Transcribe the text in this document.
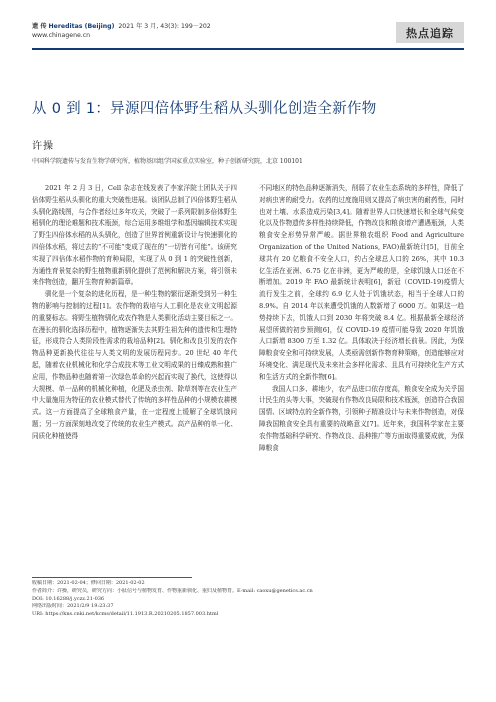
遗 传 Hereditas (Beijing) 2021 年 3 月, 43(3): 199－202
www.chinagene.cn	热点追踪
从 0 到 1：异源四倍体野生稻从头驯化创造全新作物
许操
中国科学院遗传与发育生物学研究所，植物基因组学国家重点实验室，种子创新研究院，北京 100101

2021 年 2 月 3 日，Cell 杂志在线发表了李家洋院士团队关于四倍体野生稻从头驯化的重大突破性进展。该团队总制了四倍体野生稻从头驯化路线图，与合作者经过多年攻关，突破了一系列限制多倍体野生稻驯化的理论难题和技术瓶颈，综合运用多维组学和基因编辑技术实现了野生四倍体水稻的从头驯化，创造了世界首例重新设计与快速驯化的四倍体水稻，将过去的“不可能”变成了现在的“一切皆有可能”。该研究实现了四倍体水稻作物的育种局限，实现了从 0 到 1 的突破性创新，为通性育景复杂的野生植物重新驯化提供了范例和解决方案，将引领未来作物创造，翻开生物育种新篇章。

驯化是一个复杂的进化历程，是一种生物的繁衍逐渐受到另一种生物的影响与控制的过程[1]。农作物的栽培与人工驯化是农业文明起源的重要标志。将野生植物驯化成农作物是人类驯化活动主要目标之一。在漫长的驯化选择历程中，植物逐渐失去其野生祖先种的遗传和生理特征，形成符合人类阶段性需求的栽培品种[2]。驯化和改良引发的农作物品种更新换代往往与人类文明的发展历程同步。20 世纪 40 年代起，随着农业机械化和化学合成技术等工业文明成果的日臻成熟和推广应用，作物品种也随着第一次绿色革命的兴起而实现了换代，这使得以大规模、单一品种的机械化种植，化肥及杀虫剂、除草剂等在农业生产中大量施用为特征的农业模式替代了传统的多样性品种的小规模农耕模式。这一方面提高了全球粮食产量，在一定程度上缓解了全球饥饿问题；另一方面深刻地改变了传统的农业生产模式。高产品种的单一化、同质化种植使得

不同地区的特色品种逐渐消失，削弱了农业生态系统的多样性，降低了对病虫害的耐受力。农药的过度施用则又提高了病虫害的耐药性，同时也对土壤、水系造成污染[3,4]。随着世界人口快速增长和全球气候变化以及作物遗传多样性持续降低，作物改良和粮食增产遭遇瓶颈，人类粮食安全形势异常严峻。据世界粮农组织 Food and Agriculture Organization of the United Nations, FAO)最新统计[5]，目前全球共有 20 亿粮食不安全人口，约占全球总人口的 26%，其中 10.3 亿生活在亚洲、6.75 亿在非洲，更为严峻的是，全球饥饿人口还在不断增加。2019 年 FAO 最新统计表明[6]，新冠（COVID-19)疫情大流行发生之前，全球约 6.9 亿人处于饥饿状态，相当于全球人口的 8.9%。自 2014 年以来遭受饥饿的人数新增了 6000 万。如果这一趋势持续下去，饥饿人口到 2030 年将突破 8.4 亿。根据最新全球经济展望所做的初步预测[6]，仅 COVID-19 疫情可能导致 2020 年饥饿人口新增 8300 万至 1.32 亿。具体取决于经济增长前景。因此，为保障粮食安全和可持续发展，人类亟需创新作物育种策略，创造能够应对环境变化、满足现代及未来社会多样化需求、且具有可持续化生产方式和生活方式的全新作物[6]。

我国人口多、耕地少，农产品进口依存度高，粮食安全成为关乎国计民生的头等大事，突破现有作物改良局限和技术瓶颈，创造符合我国国情、区域特点的全新作物，引领种子精准设计与未来作物创造，对保障我国粮食安全具有重要的战略意义[7]。近年来，我国科学家在主要农作物基础科学研究、作物改良、品种推广等方面取得重要成就，为保障粮食

收稿日期：2021-02-04；修回日期：2021-02-02
作者简介：许操，研究员，研究方向：小肽信号与植物发育、作物重新驯化、重归及植物育。E-mail: caoxu@genetics.ac.cn
DOI: 10.16288/j.yczz.21-036
网络出版时间：2021/2/9 19:23:37
URI: https://kns.cnki.net/kcms/detail/11.1913.R.20210205.1857.003.html
